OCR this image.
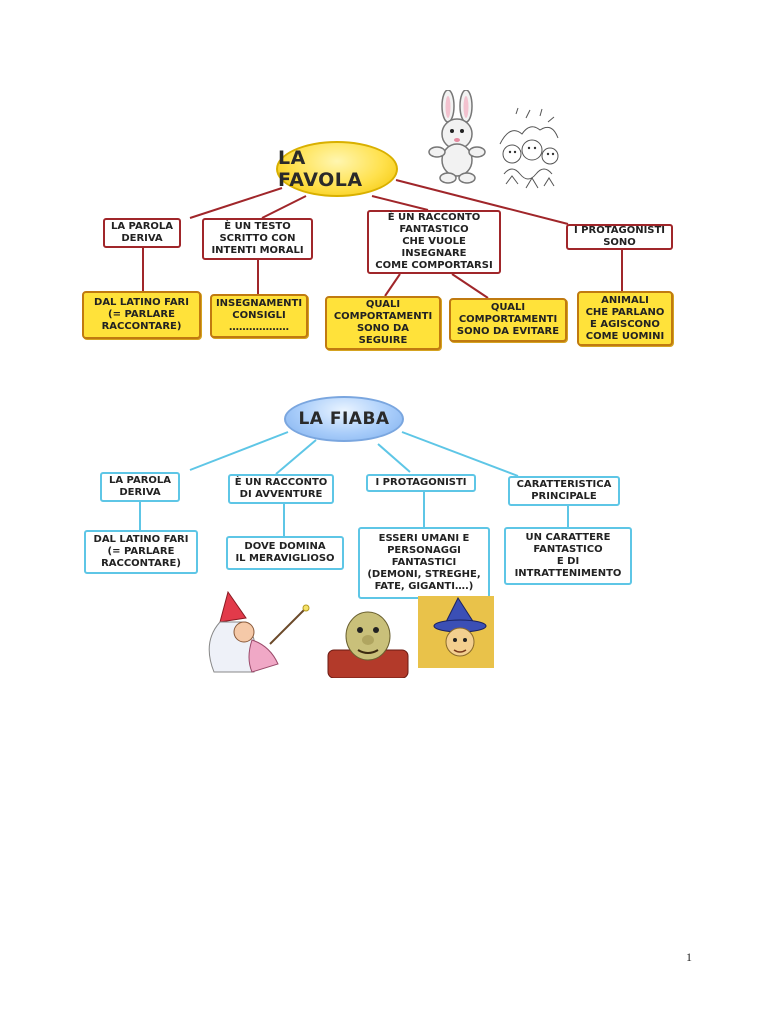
LA FAVOLA
LA PAROLA
DERIVA
È UN TESTO
SCRITTO CON
INTENTI MORALI
È UN RACCONTO
FANTASTICO
CHE VUOLE
INSEGNARE
COME COMPORTARSI
I PROTAGONISTI
SONO
DAL LATINO FARI
(= PARLARE
RACCONTARE)
INSEGNAMENTI
CONSIGLI
………………
QUALI
COMPORTAMENTI
SONO DA
SEGUIRE
QUALI
COMPORTAMENTI
SONO DA EVITARE
ANIMALI
CHE PARLANO
E AGISCONO
COME UOMINI
LA FIABA
LA PAROLA
DERIVA
È UN RACCONTO
DI AVVENTURE
I PROTAGONISTI	CARATTERISTICA
PRINCIPALE
DAL LATINO FARI
(= PARLARE
RACCONTARE)
DOVE DOMINA
IL MERAVIGLIOSO
ESSERI UMANI E
PERSONAGGI
FANTASTICI
(DEMONI, STREGHE,
FATE, GIGANTI….)
UN CARATTERE
FANTASTICO
E DI
INTRATTENIMENTO
1
